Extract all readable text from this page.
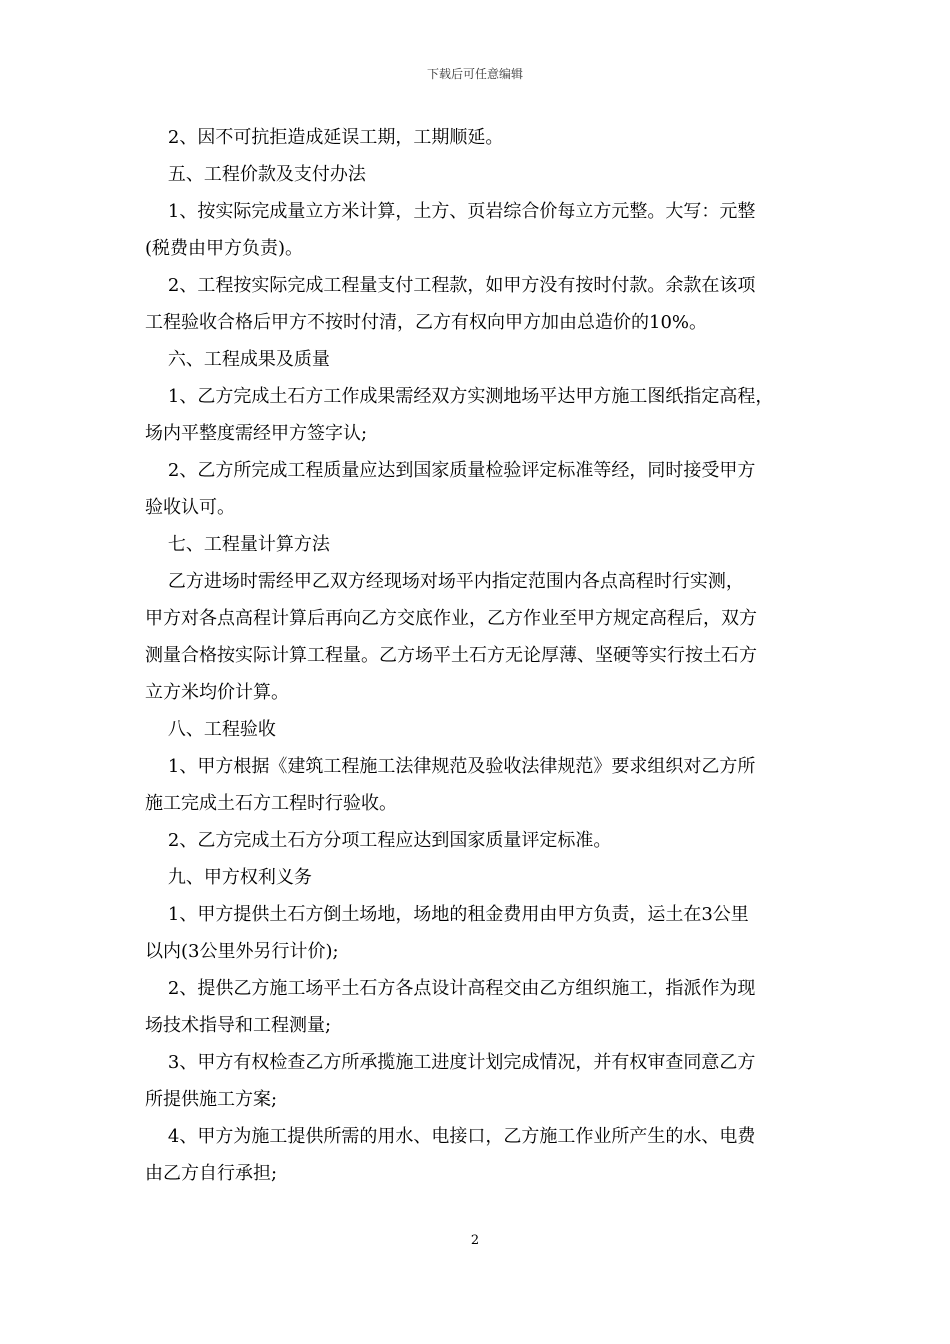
下载后可任意编辑
2、因不可抗拒造成延误工期，工期顺延。
五、工程价款及支付办法
1、按实际完成量立方米计算，土方、页岩综合价每立方元整。大写：元整
(税费由甲方负责)。
2、工程按实际完成工程量支付工程款，如甲方没有按时付款。余款在该项
工程验收合格后甲方不按时付清，乙方有权向甲方加由总造价的10%。
六、工程成果及质量
1、乙方完成土石方工作成果需经双方实测地场平达甲方施工图纸指定高程，
场内平整度需经甲方签字认;
2、乙方所完成工程质量应达到国家质量检验评定标准等经，同时接受甲方
验收认可。
七、工程量计算方法
乙方进场时需经甲乙双方经现场对场平内指定范围内各点高程时行实测，
甲方对各点高程计算后再向乙方交底作业，乙方作业至甲方规定高程后，双方
测量合格按实际计算工程量。乙方场平土石方无论厚薄、坚硬等实行按土石方
立方米均价计算。
八、工程验收
1、甲方根据《建筑工程施工法律规范及验收法律规范》要求组织对乙方所
施工完成土石方工程时行验收。
2、乙方完成土石方分项工程应达到国家质量评定标准。
九、甲方权利义务
1、甲方提供土石方倒土场地，场地的租金费用由甲方负责，运土在3公里
以内(3公里外另行计价);
2、提供乙方施工场平土石方各点设计高程交由乙方组织施工，指派作为现
场技术指导和工程测量;
3、甲方有权检查乙方所承揽施工进度计划完成情况，并有权审查同意乙方
所提供施工方案;
4、甲方为施工提供所需的用水、电接口，乙方施工作业所产生的水、电费
由乙方自行承担;
2
